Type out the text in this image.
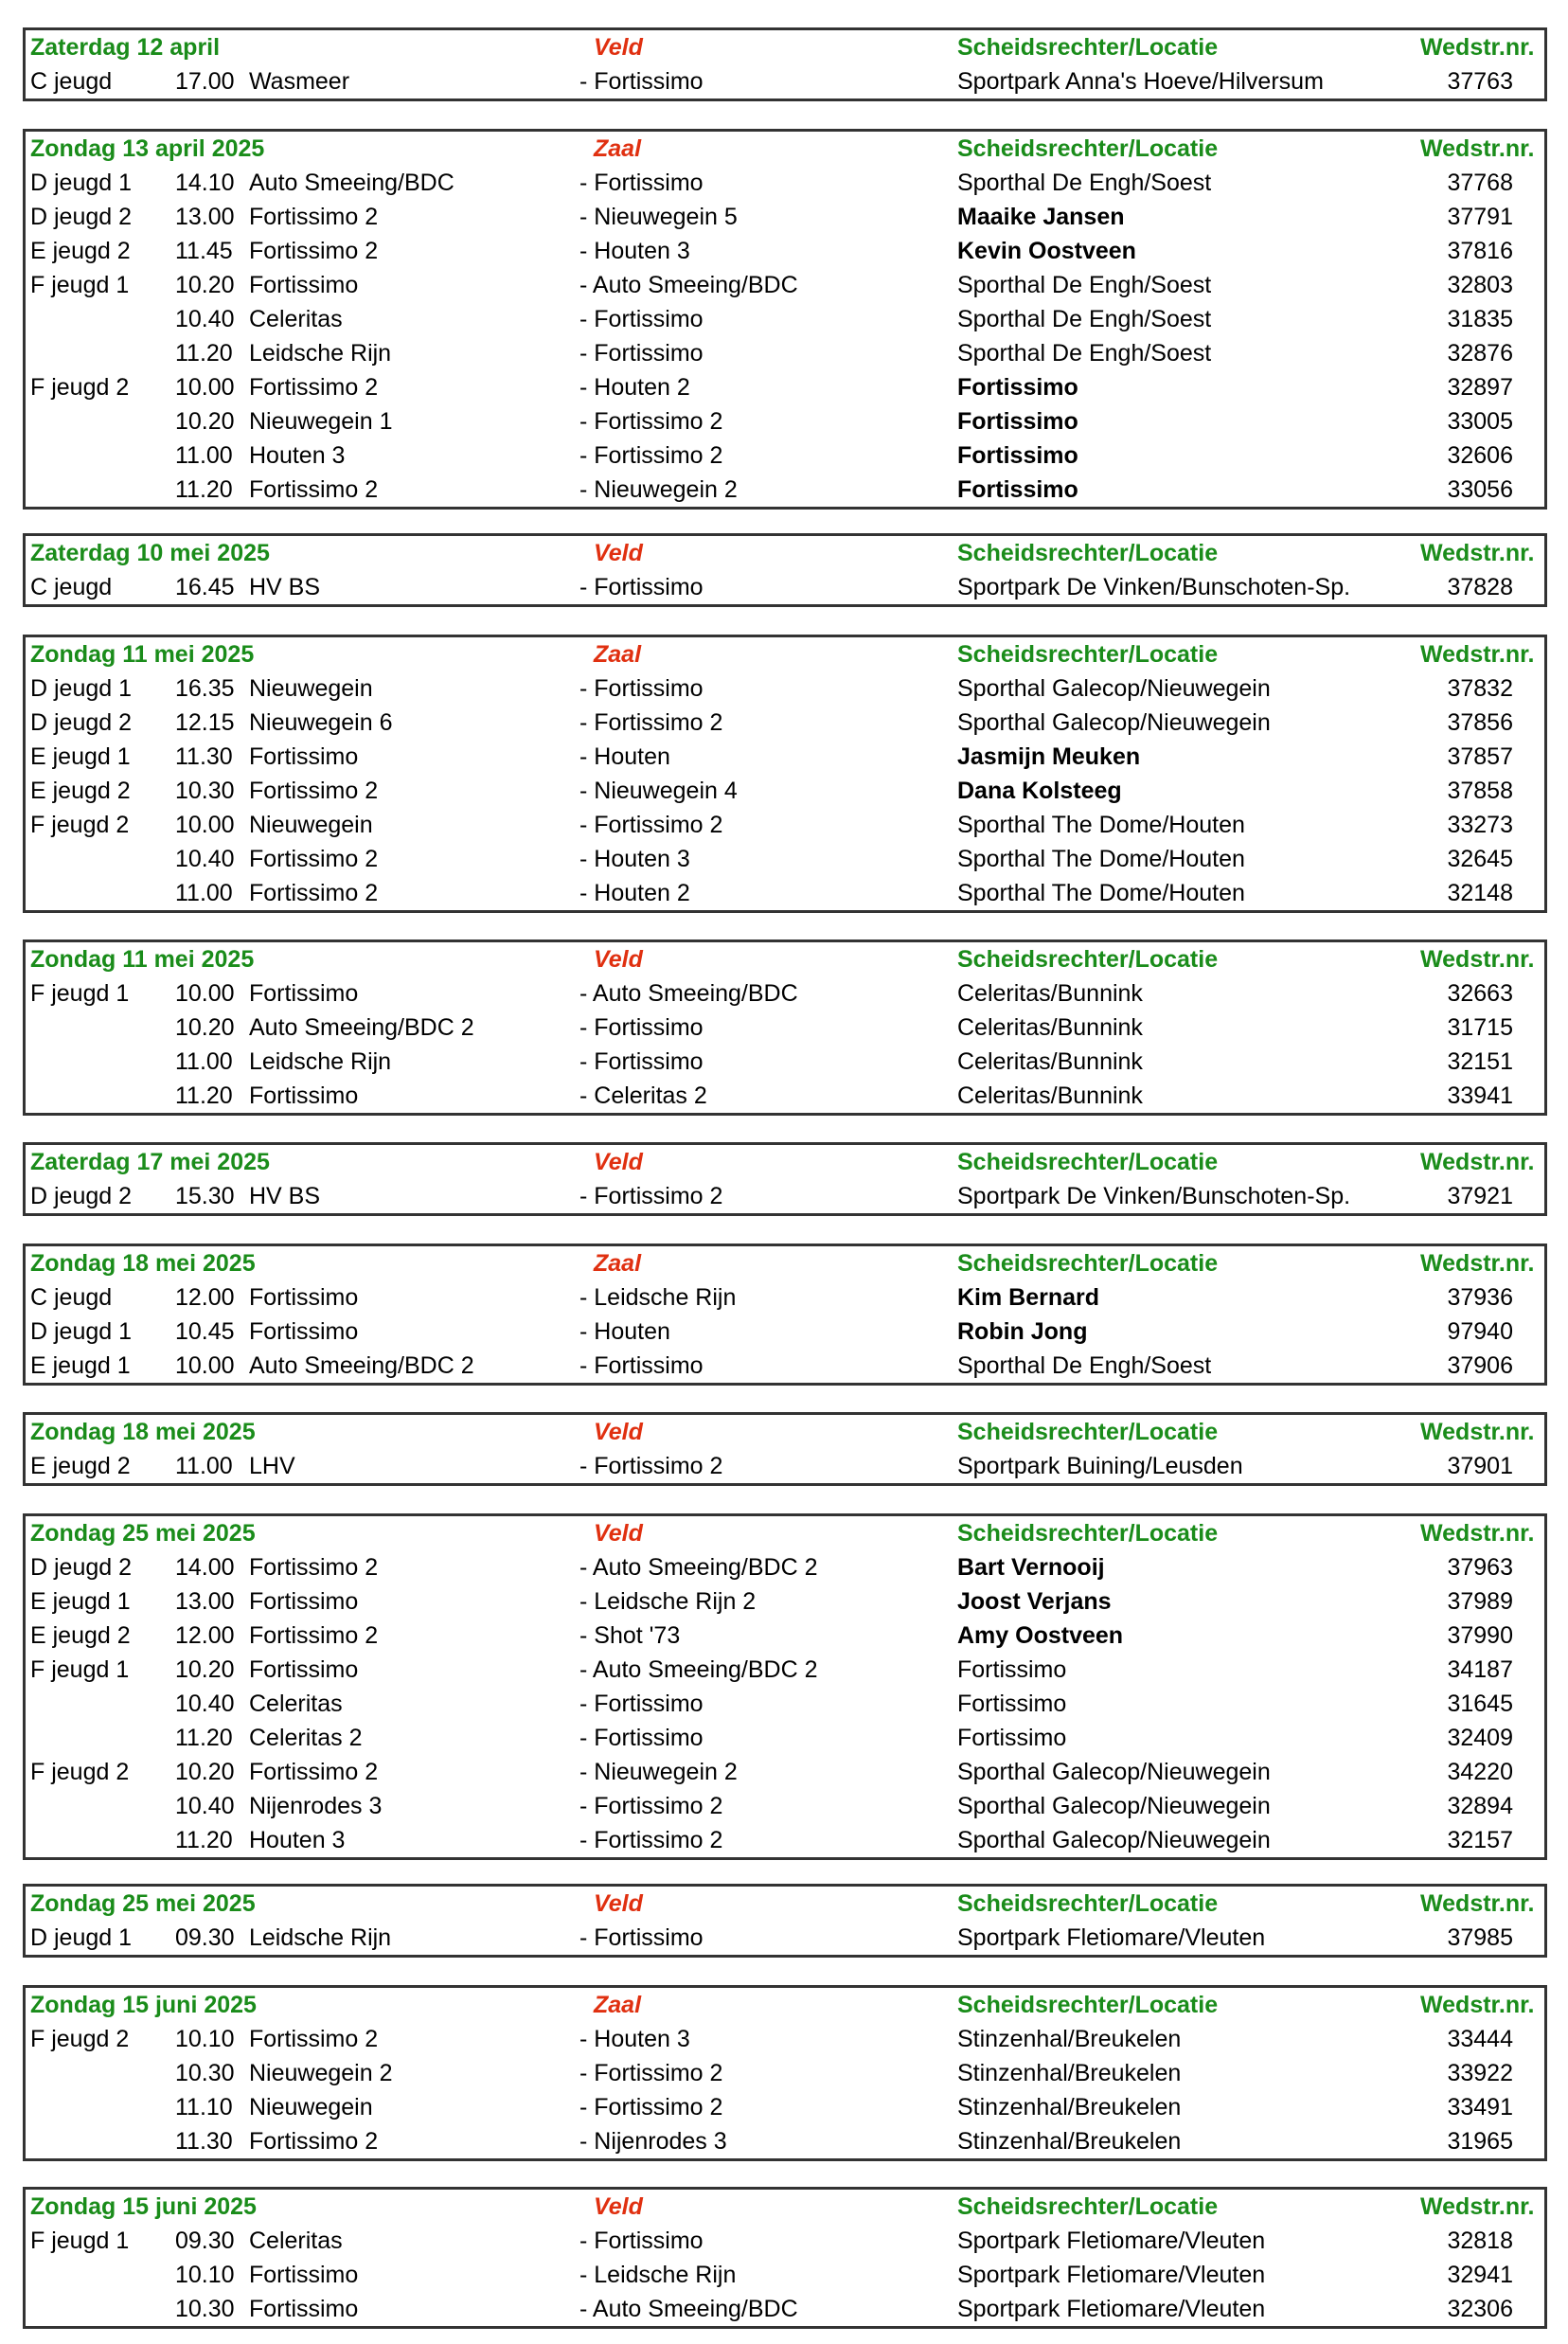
Zaterdag 12 april	Veld	Scheidsrechter/Locatie	Wedstr.nr.
C jeugd	17.00 Wasmeer	- Fortissimo	Sportpark Anna's Hoeve/Hilversum	37763
Zondag 13 april 2025	Zaal	Scheidsrechter/Locatie	Wedstr.nr.
D jeugd 1 14.10 Auto Smeeing/BDC	- Fortissimo	Sporthal De Engh/Soest	37768
D jeugd 2 13.00 Fortissimo 2	- Nieuwegein 5	Maaike Jansen	37791
E jeugd 2 11.45 Fortissimo 2	- Houten 3	Kevin Oostveen	37816
F jeugd 1 10.20 Fortissimo	- Auto Smeeing/BDC	Sporthal De Engh/Soest	32803
10.40 Celeritas	- Fortissimo	Sporthal De Engh/Soest	31835
11.20 Leidsche Rijn	- Fortissimo	Sporthal De Engh/Soest	32876
F jeugd 2 10.00 Fortissimo 2	- Houten 2	Fortissimo	32897
10.20 Nieuwegein 1	- Fortissimo 2	Fortissimo	33005
11.00 Houten 3	- Fortissimo 2	Fortissimo	32606
11.20 Fortissimo 2	- Nieuwegein 2	Fortissimo	33056
Zaterdag 10 mei 2025	Veld	Scheidsrechter/Locatie	Wedstr.nr.
C jeugd	16.45 HV BS	- Fortissimo	Sportpark De Vinken/Bunschoten-Sp.	37828
Zondag 11 mei 2025	Zaal	Scheidsrechter/Locatie	Wedstr.nr.
D jeugd 1 16.35 Nieuwegein	- Fortissimo	Sporthal Galecop/Nieuwegein	37832
D jeugd 2 12.15 Nieuwegein 6	- Fortissimo 2	Sporthal Galecop/Nieuwegein	37856
E jeugd 1 11.30 Fortissimo	- Houten	Jasmijn Meuken	37857
E jeugd 2 10.30 Fortissimo 2	- Nieuwegein 4	Dana Kolsteeg	37858
F jeugd 2 10.00 Nieuwegein	- Fortissimo 2	Sporthal The Dome/Houten	33273
10.40 Fortissimo 2	- Houten 3	Sporthal The Dome/Houten	32645
11.00 Fortissimo 2	- Houten 2	Sporthal The Dome/Houten	32148
Zondag 11 mei 2025	Veld	Scheidsrechter/Locatie	Wedstr.nr.
F jeugd 1 10.00 Fortissimo	- Auto Smeeing/BDC	Celeritas/Bunnink	32663
10.20 Auto Smeeing/BDC 2	- Fortissimo	Celeritas/Bunnink	31715
11.00 Leidsche Rijn	- Fortissimo	Celeritas/Bunnink	32151
11.20 Fortissimo	- Celeritas 2	Celeritas/Bunnink	33941
Zaterdag 17 mei 2025	Veld	Scheidsrechter/Locatie	Wedstr.nr.
D jeugd 2 15.30 HV BS	- Fortissimo 2	Sportpark De Vinken/Bunschoten-Sp.	37921
Zondag 18 mei 2025	Zaal	Scheidsrechter/Locatie	Wedstr.nr.
C jeugd	12.00 Fortissimo	- Leidsche Rijn	Kim Bernard	37936
D jeugd 1 10.45 Fortissimo	- Houten	Robin Jong	97940
E jeugd 1 10.00 Auto Smeeing/BDC 2	- Fortissimo	Sporthal De Engh/Soest	37906
Zondag 18 mei 2025	Veld	Scheidsrechter/Locatie	Wedstr.nr.
E jeugd 2 11.00 LHV	- Fortissimo 2	Sportpark Buining/Leusden	37901
Zondag 25 mei 2025	Veld	Scheidsrechter/Locatie	Wedstr.nr.
D jeugd 2 14.00 Fortissimo 2	- Auto Smeeing/BDC 2	Bart Vernooij	37963
E jeugd 1 13.00 Fortissimo	- Leidsche Rijn 2	Joost Verjans	37989
E jeugd 2 12.00 Fortissimo 2	- Shot '73	Amy Oostveen	37990
F jeugd 1 10.20 Fortissimo	- Auto Smeeing/BDC 2	Fortissimo	34187
10.40 Celeritas	- Fortissimo	Fortissimo	31645
11.20 Celeritas 2	- Fortissimo	Fortissimo	32409
F jeugd 2 10.20 Fortissimo 2	- Nieuwegein 2	Sporthal Galecop/Nieuwegein	34220
10.40 Nijenrodes 3	- Fortissimo 2	Sporthal Galecop/Nieuwegein	32894
11.20 Houten 3	- Fortissimo 2	Sporthal Galecop/Nieuwegein	32157
Zondag 25 mei 2025	Veld	Scheidsrechter/Locatie	Wedstr.nr.
D jeugd 1 09.30 Leidsche Rijn	- Fortissimo	Sportpark Fletiomare/Vleuten	37985
Zondag 15 juni 2025	Zaal	Scheidsrechter/Locatie	Wedstr.nr.
F jeugd 2 10.10 Fortissimo 2	- Houten 3	Stinzenhal/Breukelen	33444
10.30 Nieuwegein 2	- Fortissimo 2	Stinzenhal/Breukelen	33922
11.10 Nieuwegein	- Fortissimo 2	Stinzenhal/Breukelen	33491
11.30 Fortissimo 2	- Nijenrodes 3	Stinzenhal/Breukelen	31965
Zondag 15 juni 2025	Veld	Scheidsrechter/Locatie	Wedstr.nr.
F jeugd 1 09.30 Celeritas	- Fortissimo	Sportpark Fletiomare/Vleuten	32818
10.10 Fortissimo	- Leidsche Rijn	Sportpark Fletiomare/Vleuten	32941
10.30 Fortissimo	- Auto Smeeing/BDC	Sportpark Fletiomare/Vleuten	32306
